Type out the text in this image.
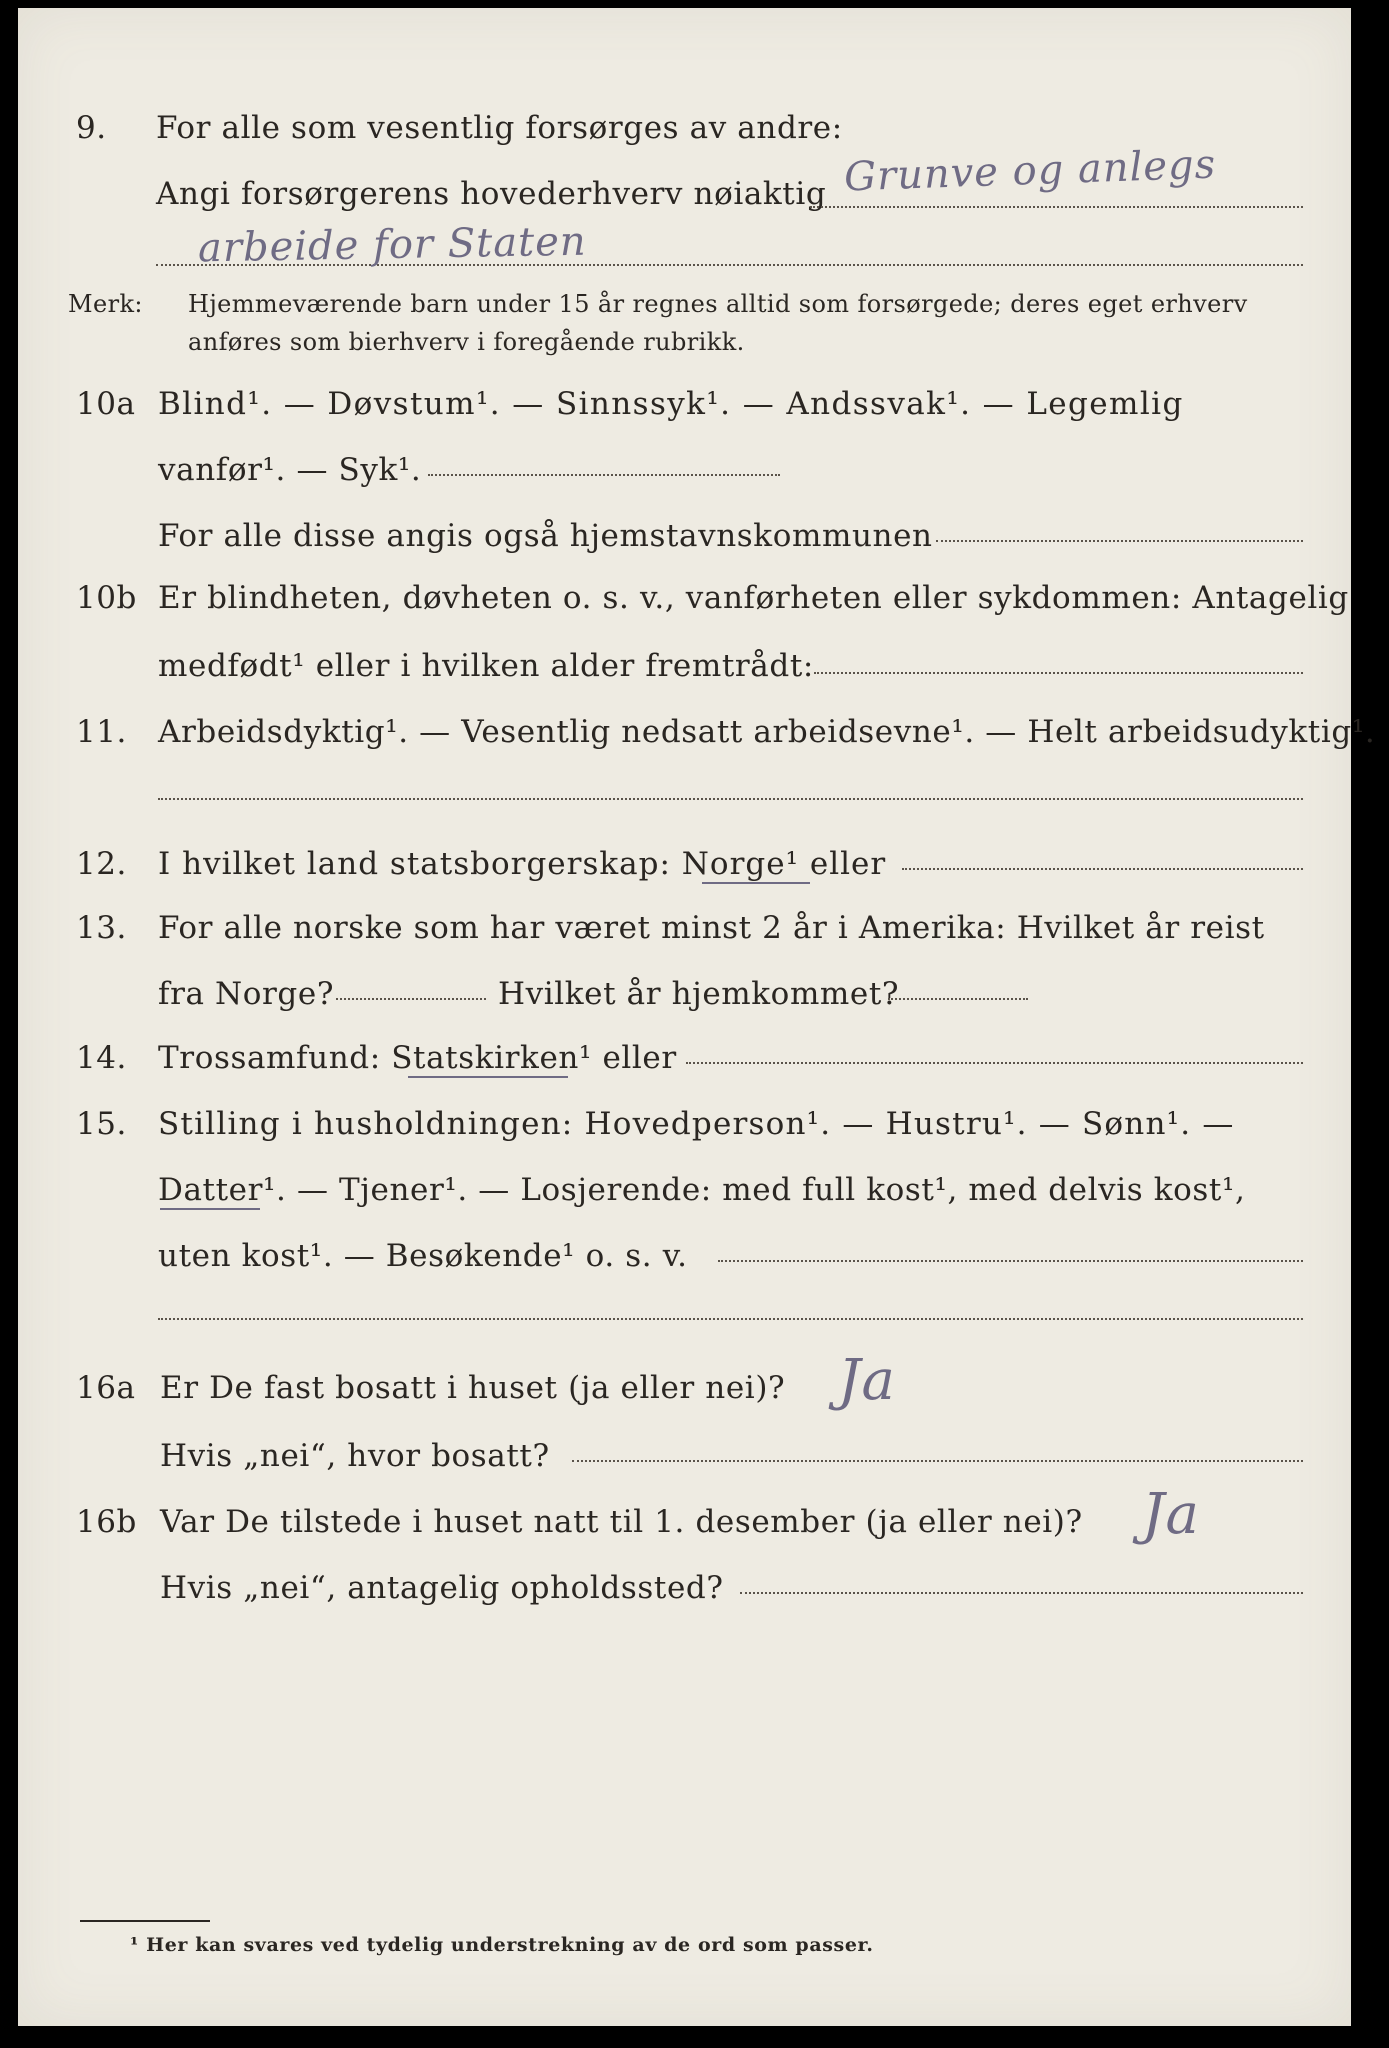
9. For alle som vesentlig forsørges av andre:
Angi forsørgerens hovederhverv nøiaktig Grunve og anlegs
arbeide for Staten
Merk: Hjemmeværende barn under 15 år regnes alltid som forsørgede; deres eget erhverv
anføres som bierhverv i foregående rubrikk.
10a Blind¹. — Døvstum¹. — Sinnssyk¹. — Andssvak¹. — Legemlig
vanfør¹. — Syk¹.
For alle disse angis også hjemstavnskommunen
10b Er blindheten, døvheten o. s. v., vanførheten eller sykdommen: Antagelig
medfødt¹ eller i hvilken alder fremtrådt:
11. Arbeidsdyktig¹. — Vesentlig nedsatt arbeidsevne¹. — Helt arbeidsudyktig¹.
12. I hvilket land statsborgerskap: Norge¹ eller
13. For alle norske som har været minst 2 år i Amerika: Hvilket år reist
fra Norge?	Hvilket år hjemkommet?
14. Trossamfund: Statskirken¹ eller
15. Stilling i husholdningen: Hovedperson¹. — Hustru¹. — Sønn¹. —
Datter¹. — Tjener¹. — Losjerende: med full kost¹, med delvis kost¹,
uten kost¹. — Besøkende¹ o. s. v.
16a Er De fast bosatt i huset (ja eller nei)? Ja
Hvis „nei“, hvor bosatt?
16b Var De tilstede i huset natt til 1. desember (ja eller nei)? Ja
Hvis „nei“, antagelig opholdssted?
¹ Her kan svares ved tydelig understrekning av de ord som passer.
